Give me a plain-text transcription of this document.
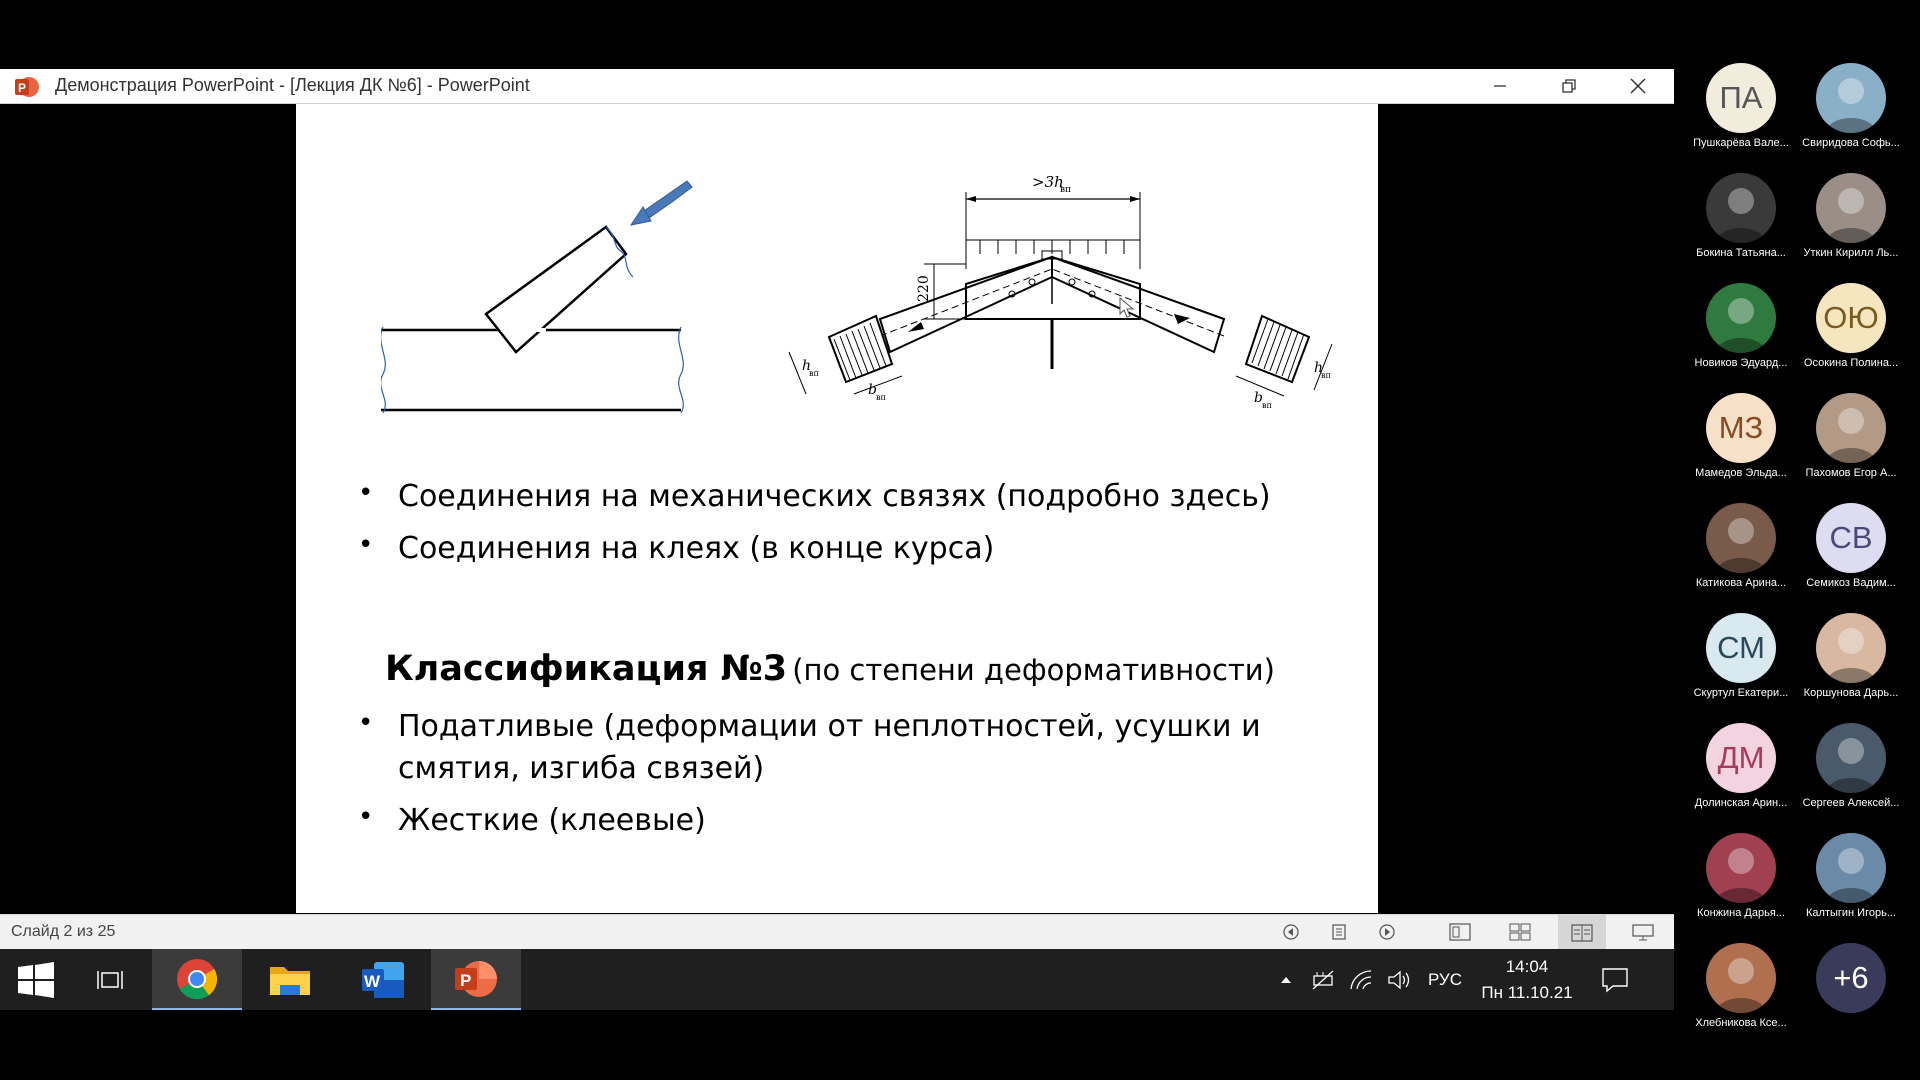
P Демонстрация PowerPoint - [Лекция ДК №6] - PowerPoint
>3h
вп
220
h
вп
b вп
h
вп
b вп
• Соединения на механических связях (подробно здесь)
• Соединения на клеях (в конце курса)
Классификация №3 (по степени деформативности)
• Податливые (деформации от неплотностей, усушки и смятия, изгиба связей)
• Жесткие (клеевые)
Слайд 2 из 25
W	P	РУС
14:04
Пн 11.10.21
ПА
Пушкарёва Вале...	Свиридова Софь...
Бокина Татьяна...	Уткин Кирилл Ль...
Новиков Эдуард...
ОЮ
Осокина Полина...
МЗ
Мамедов Эльда...	Пахомов Егор А...
Катикова Арина...
СВ
Семикоз Вадим...
СМ
Скуртул Екатери...	Коршунова Дарь...
ДМ
Долинская Арин...	Сергеев Алексей...
Конжина Дарья...	Калтыгин Игорь...
Хлебникова Ксе...
+6
